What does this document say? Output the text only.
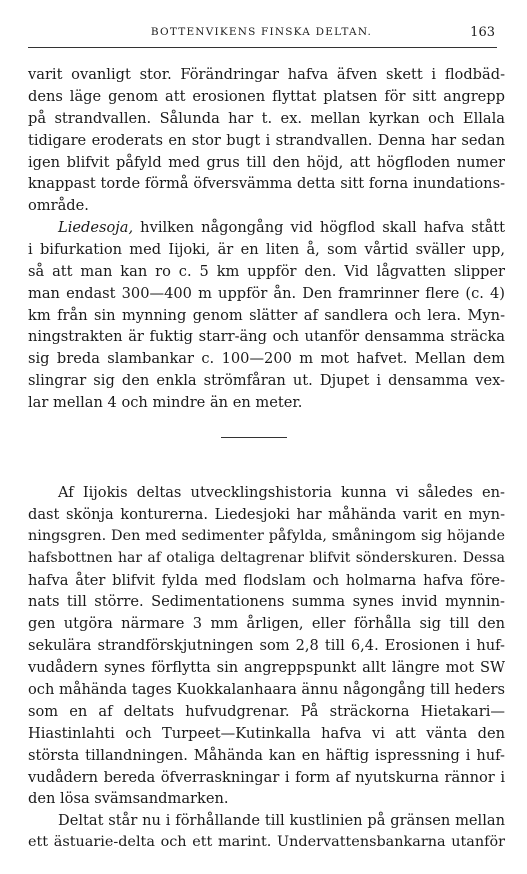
BOTTENVIKENS FINSKA DELTAN.	163
varit ovanligt stor. Förändringar hafva äfven skett i flodbäd-
dens läge genom att erosionen flyttat platsen för sitt angrepp
på strandvallen. Sålunda har t. ex. mellan kyrkan och Ellala
tidigare eroderats en stor bugt i strandvallen. Denna har sedan
igen blifvit påfyld med grus till den höjd, att högfloden numer
knappast torde förmå öfversvämma detta sitt forna inundations-
område.
Liedesoja, hvilken någongång vid högflod skall hafva stått
i bifurkation med Iijoki, är en liten å, som vårtid sväller upp,
så att man kan ro c. 5 km uppför den. Vid lågvatten slipper
man endast 300—400 m uppför ån. Den framrinner flere (c. 4)
km från sin mynning genom slätter af sandlera och lera. Myn-
ningstrakten är fuktig starr-äng och utanför densamma sträcka
sig breda slambankar c. 100—200 m mot hafvet. Mellan dem
slingrar sig den enkla strömfåran ut. Djupet i densamma vex-
lar mellan 4 och mindre än en meter.
Af Iijokis deltas utvecklingshistoria kunna vi således en-
dast skönja konturerna. Liedesjoki har måhända varit en myn-
ningsgren. Den med sedimenter påfylda, småningom sig höjande
hafsbottnen har af otaliga deltagrenar blifvit sönderskuren. Dessa
hafva åter blifvit fylda med flodslam och holmarna hafva före-
nats till större. Sedimentationens summa synes invid mynnin-
gen utgöra närmare 3 mm årligen, eller förhålla sig till den
sekulära strandförskjutningen som 2,8 till 6,4. Erosionen i huf-
vudådern synes förflytta sin angreppspunkt allt längre mot SW
och måhända tages Kuokkalanhaara ännu någongång till heders
som en af deltats hufvudgrenar. På sträckorna Hietakari—
Hiastinlahti och Turpeet—Kutinkalla hafva vi att vänta den
största tillandningen. Måhända kan en häftig ispressning i huf-
vudådern bereda öfverraskningar i form af nyutskurna rännor i
den lösa svämsandmarken.
Deltat står nu i förhållande till kustlinien på gränsen mellan
ett ästuarie-delta och ett marint. Undervattensbankarna utanför
